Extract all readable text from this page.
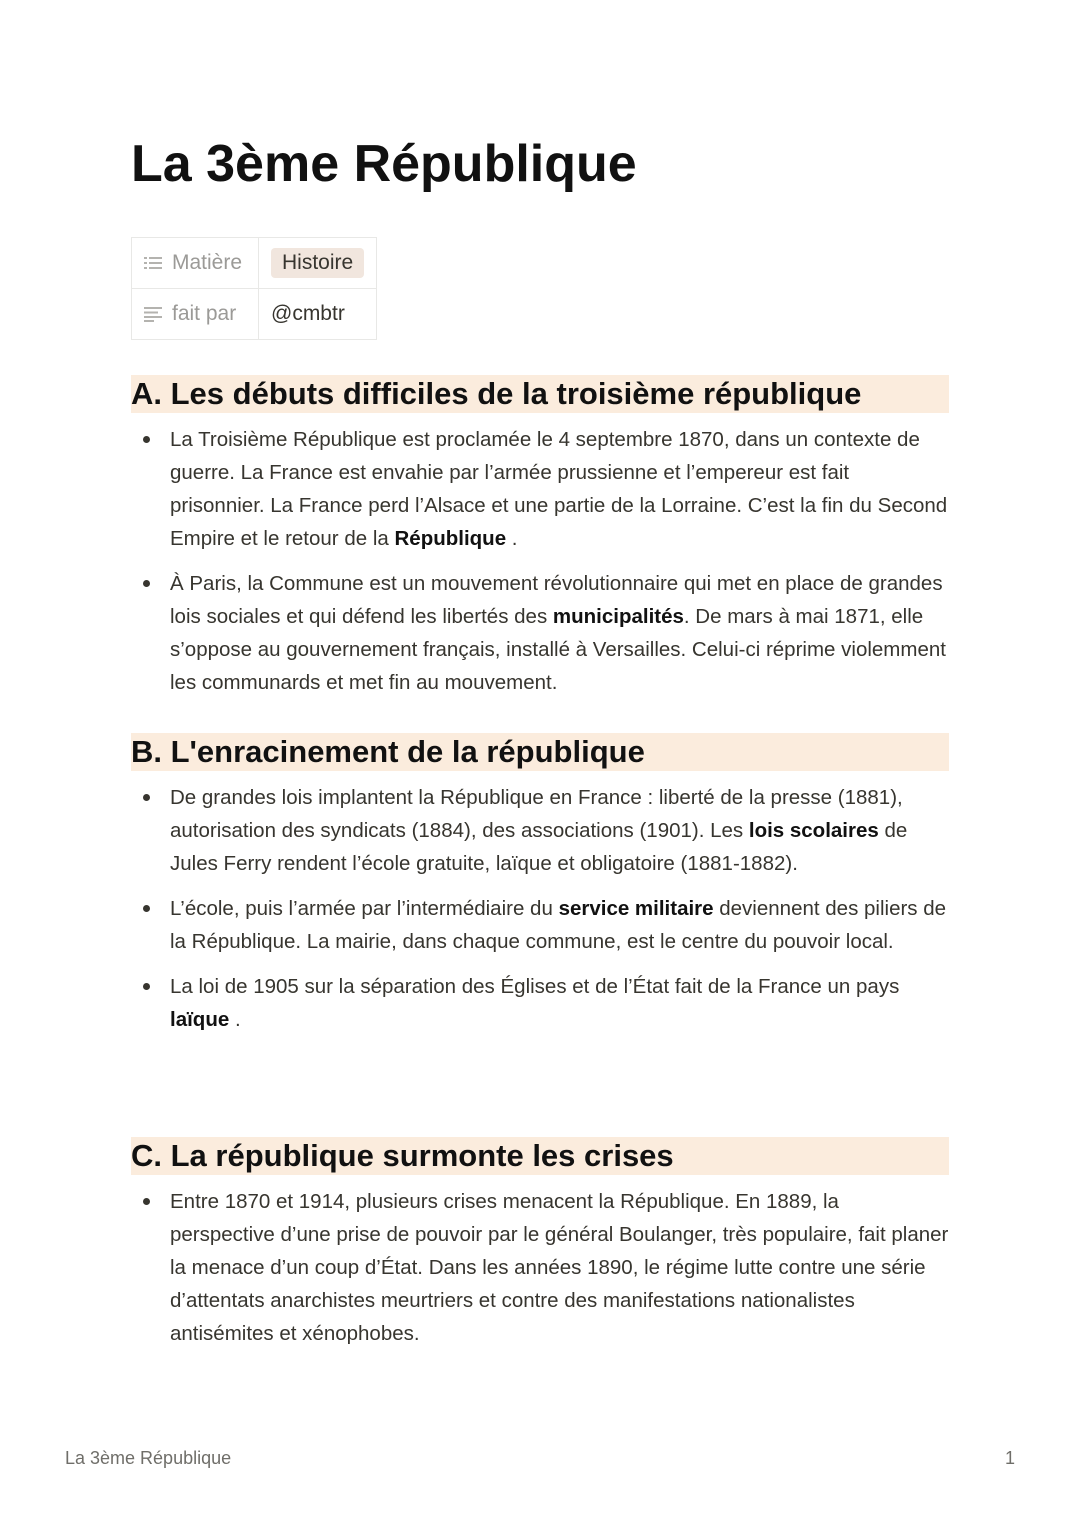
La 3ème République
Matière	Histoire
fait par	@cmbtr
A. Les débuts difficiles de la troisième république
La Troisième République est proclamée le 4 septembre 1870, dans un contexte de guerre. La France est envahie par l’armée prussienne et l’empereur est fait prisonnier. La France perd l’Alsace et une partie de la Lorraine. C’est la fin du Second Empire et le retour de la République .
À Paris, la Commune est un mouvement révolutionnaire qui met en place de grandes lois sociales et qui défend les libertés des municipalités. De mars à mai 1871, elle s’oppose au gouvernement français, installé à Versailles. Celui-ci réprime violemment les communards et met fin au mouvement.
B. L'enracinement de la république
De grandes lois implantent la République en France : liberté de la presse (1881), autorisation des syndicats (1884), des associations (1901). Les lois scolaires de Jules Ferry rendent l’école gratuite, laïque et obligatoire (1881-1882).
L’école, puis l’armée par l’intermédiaire du service militaire deviennent des piliers de la République. La mairie, dans chaque commune, est le centre du pouvoir local.
La loi de 1905 sur la séparation des Églises et de l’État fait de la France un pays laïque .
C. La république surmonte les crises
Entre 1870 et 1914, plusieurs crises menacent la République. En 1889, la perspective d’une prise de pouvoir par le général Boulanger, très populaire, fait planer la menace d’un coup d’État. Dans les années 1890, le régime lutte contre une série d’attentats anarchistes meurtriers et contre des manifestations nationalistes antisémites et xénophobes.
La 3ème République	1
